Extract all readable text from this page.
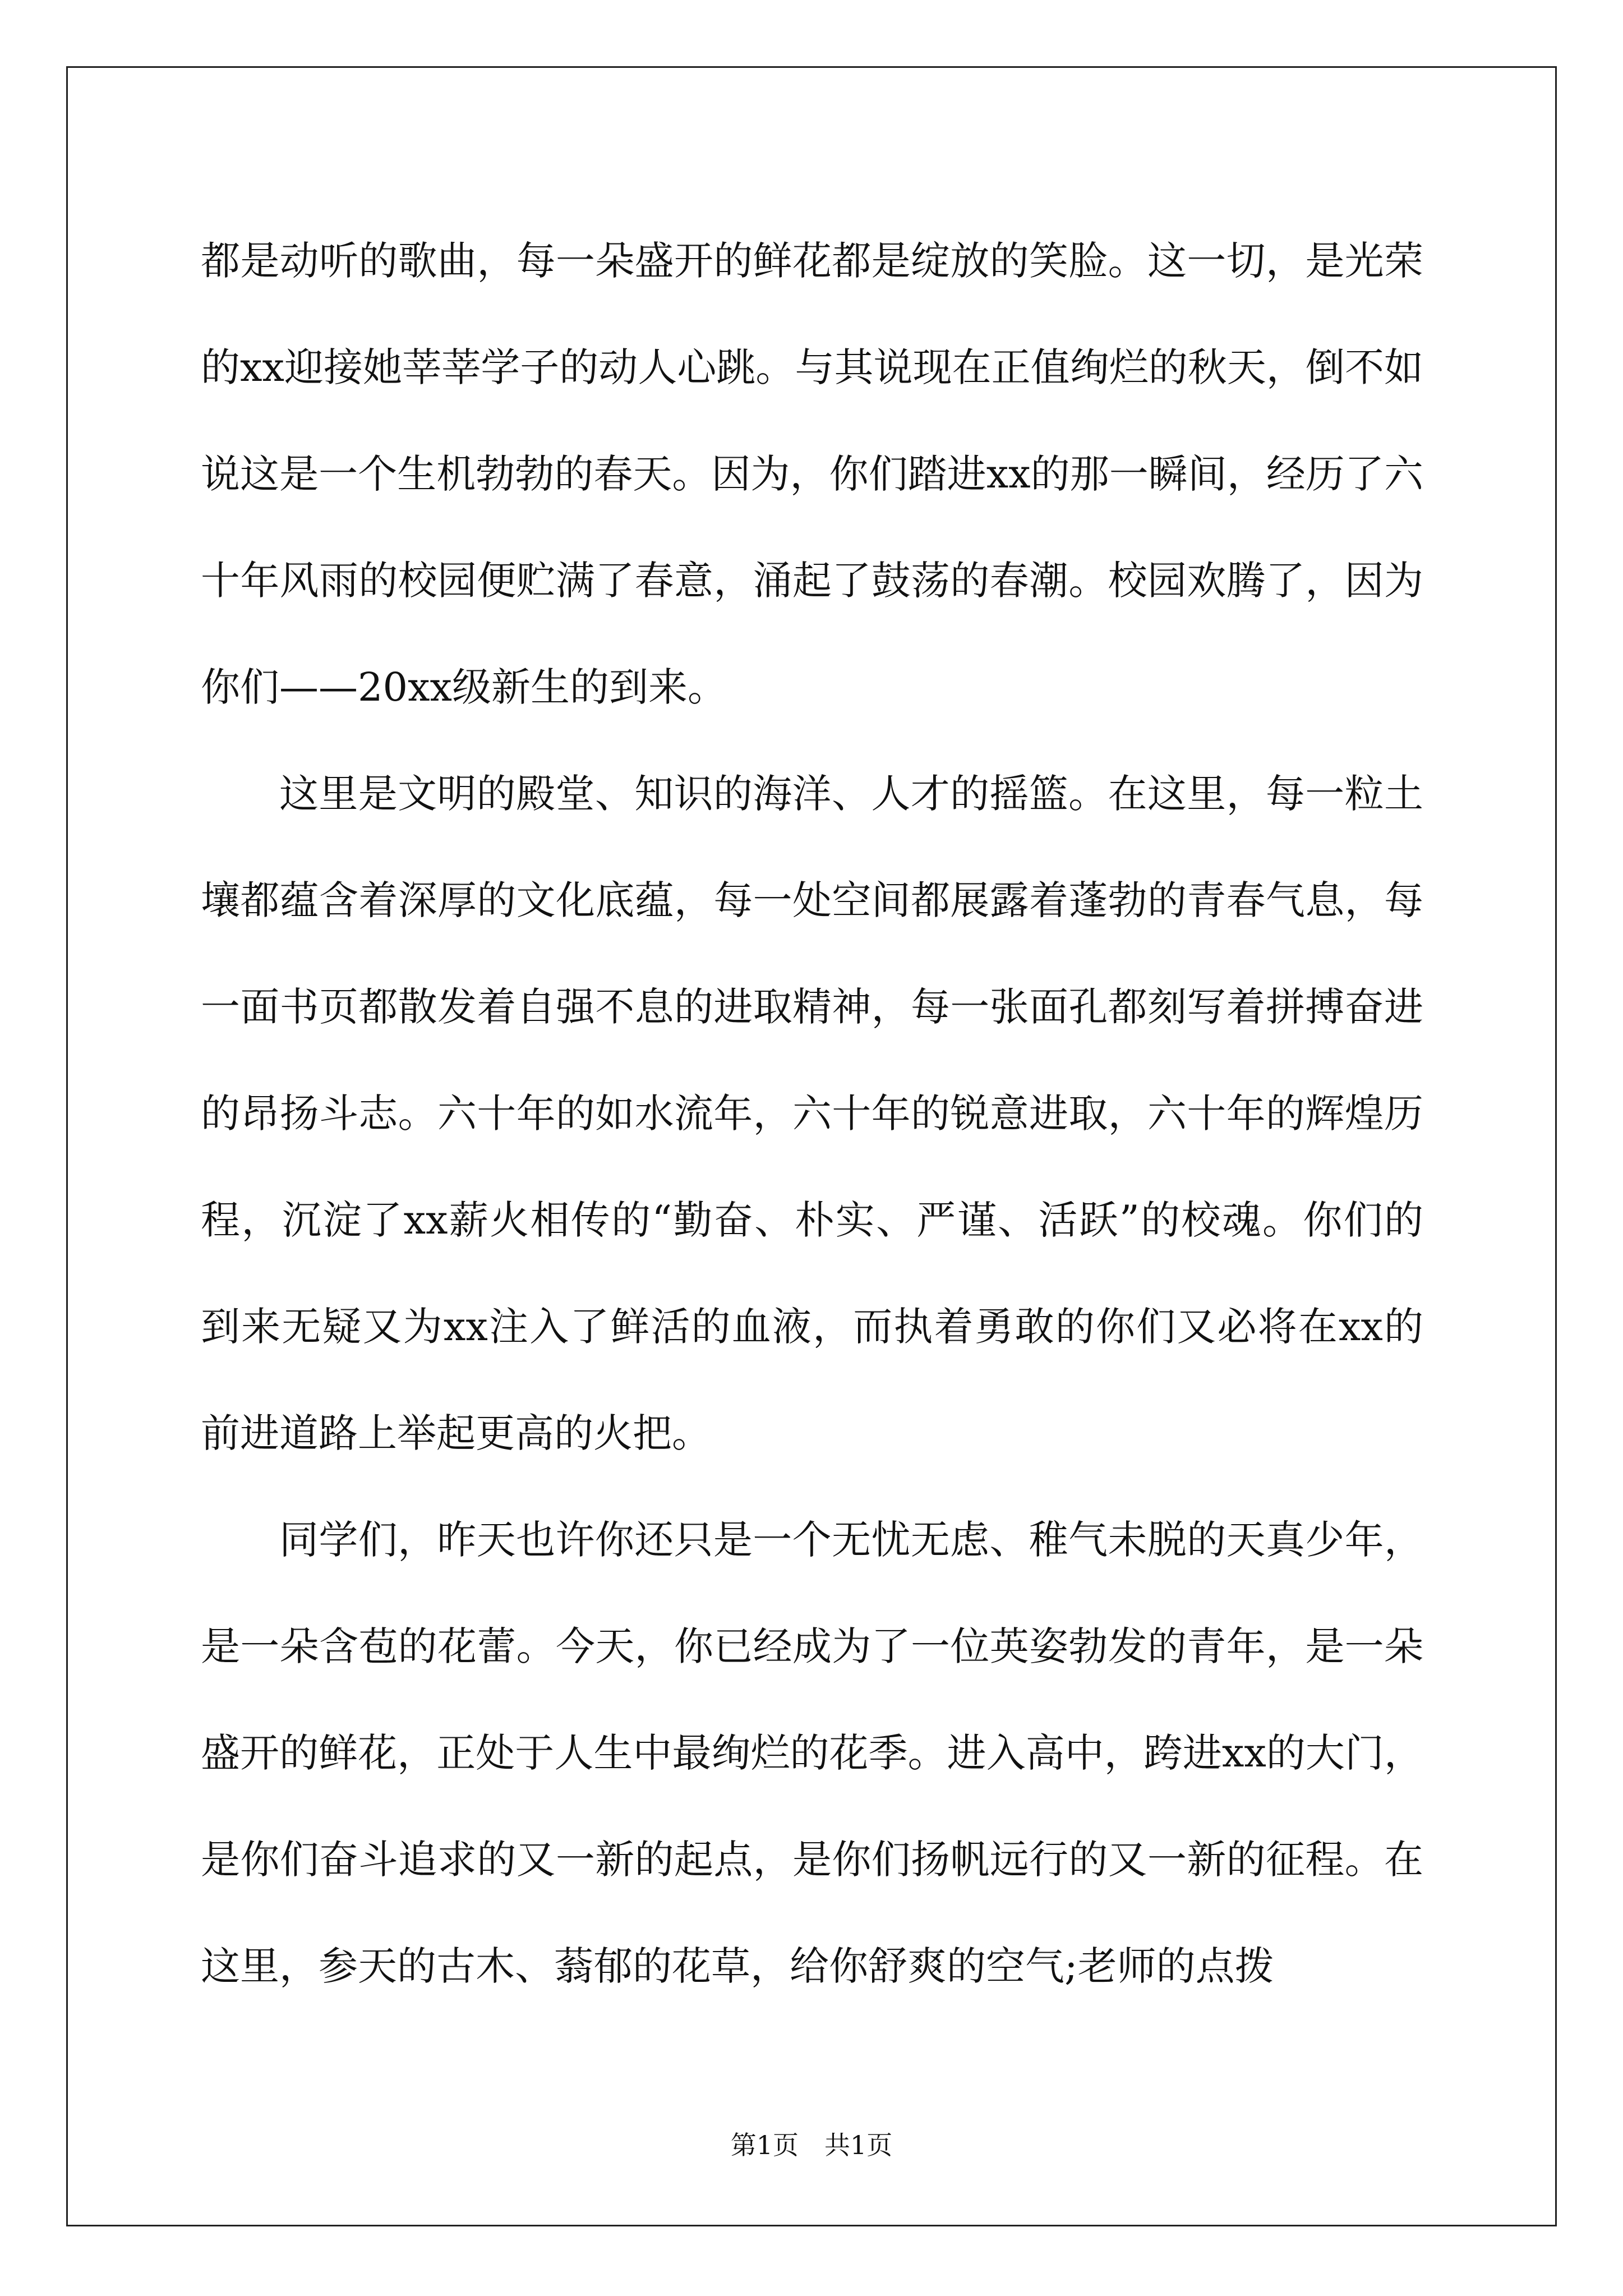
都是动听的歌曲，每一朵盛开的鲜花都是绽放的笑脸。这一切，是光荣的xx迎接她莘莘学子的动人心跳。与其说现在正值绚烂的秋天，倒不如说这是一个生机勃勃的春天。因为，你们踏进xx的那一瞬间，经历了六十年风雨的校园便贮满了春意，涌起了鼓荡的春潮。校园欢腾了，因为你们——20xx级新生的到来。

这里是文明的殿堂、知识的海洋、人才的摇篮。在这里，每一粒土壤都蕴含着深厚的文化底蕴，每一处空间都展露着蓬勃的青春气息，每一面书页都散发着自强不息的进取精神，每一张面孔都刻写着拼搏奋进的昂扬斗志。六十年的如水流年，六十年的锐意进取，六十年的辉煌历程，沉淀了xx薪火相传的“勤奋、朴实、严谨、活跃”的校魂。你们的到来无疑又为xx注入了鲜活的血液，而执着勇敢的你们又必将在xx的前进道路上举起更高的火把。

同学们，昨天也许你还只是一个无忧无虑、稚气未脱的天真少年，是一朵含苞的花蕾。今天，你已经成为了一位英姿勃发的青年，是一朵盛开的鲜花，正处于人生中最绚烂的花季。进入高中，跨进xx的大门，是你们奋斗追求的又一新的起点，是你们扬帆远行的又一新的征程。在这里，参天的古木、蓊郁的花草，给你舒爽的空气;老师的点拨

第1页　共1页
